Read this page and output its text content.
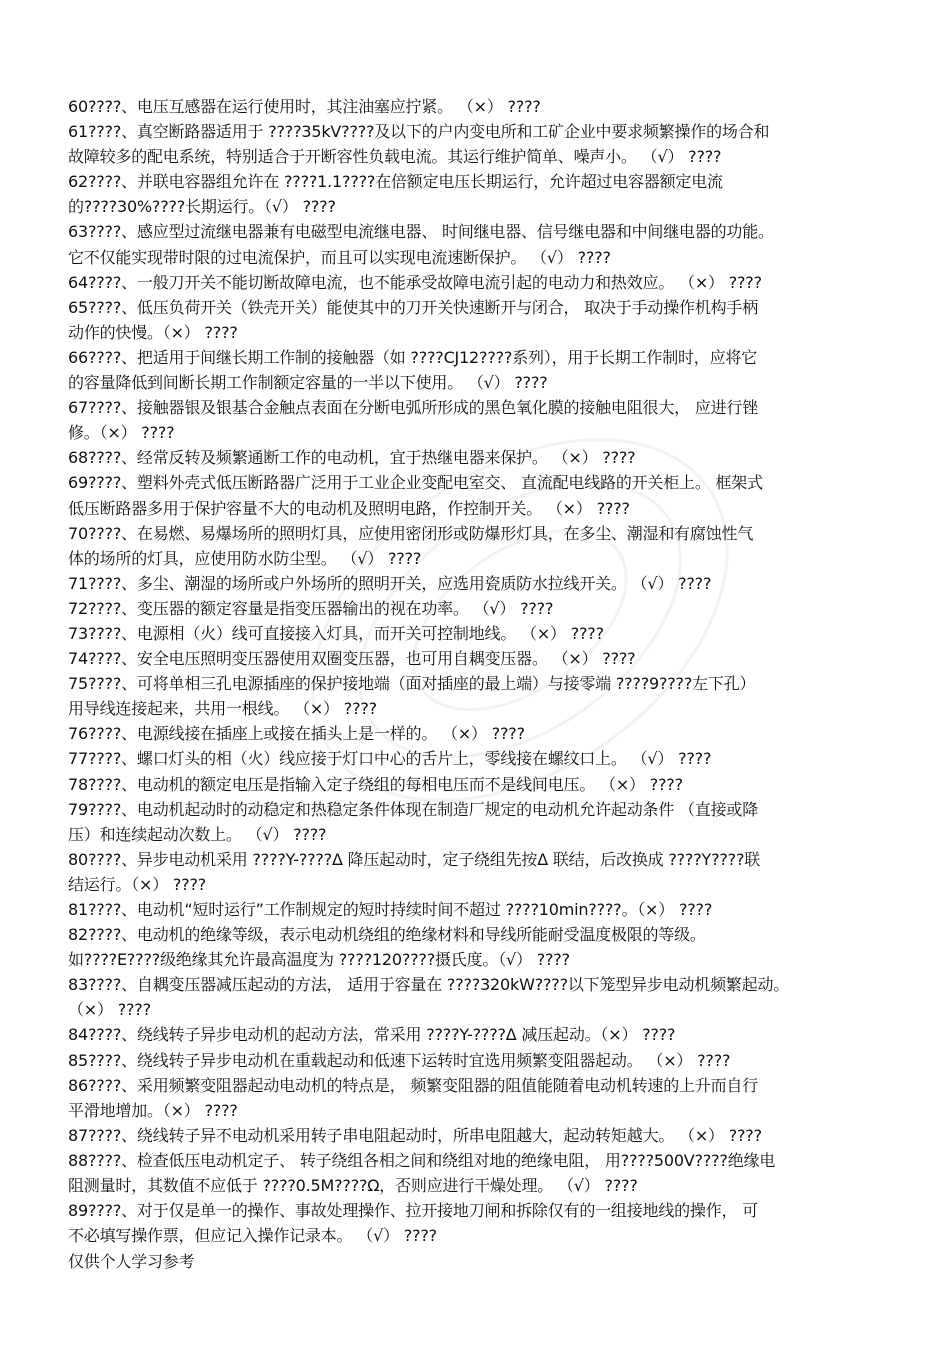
60????、电压互感器在运行使用时，其注油塞应拧紧。 （×） ????
61????、真空断路器适用于 ????35kV????及以下的户内变电所和工矿企业中要求频繁操作的场合和
故障较多的配电系统，特别适合于开断容性负载电流。其运行维护简单、噪声小。 （√） ????
62????、并联电容器组允许在 ????1.1????在倍额定电压长期运行，允许超过电容器额定电流
的????30%????长期运行。（√） ????
63????、感应型过流继电器兼有电磁型电流继电器、 时间继电器、信号继电器和中间继电器的功能。
它不仅能实现带时限的过电流保护，而且可以实现电流速断保护。 （√） ????
64????、一般刀开关不能切断故障电流，也不能承受故障电流引起的电动力和热效应。 （×） ????
65????、低压负荷开关（铁壳开关）能使其中的刀开关快速断开与闭合， 取决于手动操作机构手柄
动作的快慢。（×） ????
66????、把适用于间继长期工作制的接触器（如 ????CJ12????系列），用于长期工作制时，应将它
的容量降低到间断长期工作制额定容量的一半以下使用。 （√） ????
67????、接触器银及银基合金触点表面在分断电弧所形成的黑色氧化膜的接触电阻很大， 应进行锉
修。（×） ????
68????、经常反转及频繁通断工作的电动机，宜于热继电器来保护。 （×） ????
69????、塑料外壳式低压断路器广泛用于工业企业变配电室交、 直流配电线路的开关柜上。 框架式
低压断路器多用于保护容量不大的电动机及照明电路，作控制开关。 （×） ????
70????、在易燃、易爆场所的照明灯具，应使用密闭形或防爆形灯具，在多尘、潮湿和有腐蚀性气
体的场所的灯具，应使用防水防尘型。 （√） ????
71????、多尘、潮湿的场所或户外场所的照明开关，应选用瓷质防水拉线开关。 （√） ????
72????、变压器的额定容量是指变压器输出的视在功率。 （√） ????
73????、电源相（火）线可直接接入灯具，而开关可控制地线。 （×） ????
74????、安全电压照明变压器使用双圈变压器，也可用自耦变压器。 （×） ????
75????、可将单相三孔电源插座的保护接地端（面对插座的最上端）与接零端 ????9????左下孔）
用导线连接起来，共用一根线。 （×） ????
76????、电源线接在插座上或接在插头上是一样的。 （×） ????
77????、螺口灯头的相（火）线应接于灯口中心的舌片上，零线接在螺纹口上。 （√） ????
78????、电动机的额定电压是指输入定子绕组的每相电压而不是线间电压。 （×） ????
79????、电动机起动时的动稳定和热稳定条件体现在制造厂规定的电动机允许起动条件 （直接或降
压）和连续起动次数上。 （√） ????
80????、异步电动机采用 ????Y-????Δ 降压起动时，定子绕组先按Δ 联结，后改换成 ????Y????联
结运行。（×） ????
81????、电动机“短时运行”工作制规定的短时持续时间不超过 ????10min????。（×） ????
82????、电动机的绝缘等级，表示电动机绕组的绝缘材料和导线所能耐受温度极限的等级。
如????E????级绝缘其允许最高温度为 ????120????摄氏度。（√） ????
83????、自耦变压器减压起动的方法， 适用于容量在 ????320kW????以下笼型异步电动机频繁起动。
（×） ????
84????、绕线转子异步电动机的起动方法，常采用 ????Y-????Δ 减压起动。（×） ????
85????、绕线转子异步电动机在重载起动和低速下运转时宜选用频繁变阻器起动。 （×） ????
86????、采用频繁变阻器起动电动机的特点是， 频繁变阻器的阻值能随着电动机转速的上升而自行
平滑地增加。（×） ????
87????、绕线转子异不电动机采用转子串电阻起动时，所串电阻越大，起动转矩越大。 （×） ????
88????、检查低压电动机定子、 转子绕组各相之间和绕组对地的绝缘电阻， 用????500V????绝缘电
阻测量时，其数值不应低于 ????0.5M????Ω，否则应进行干燥处理。 （√） ????
89????、对于仅是单一的操作、事故处理操作、拉开接地刀闸和拆除仅有的一组接地线的操作， 可
不必填写操作票，但应记入操作记录本。 （√） ????
仅供个人学习参考
